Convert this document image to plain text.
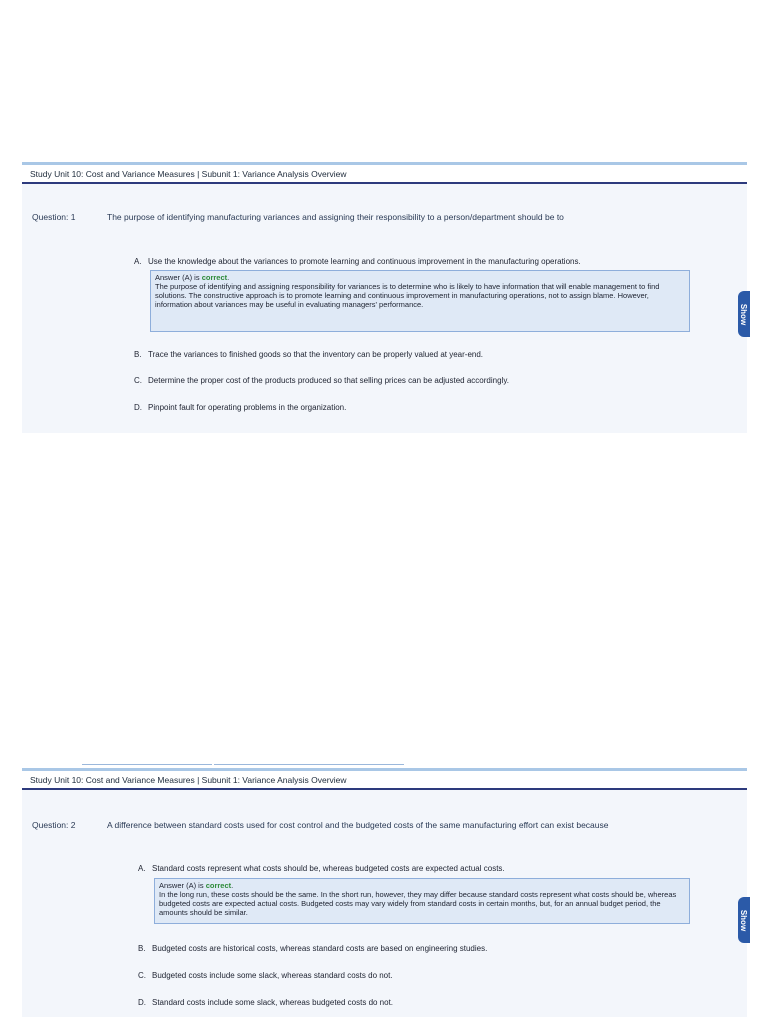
Study Unit 10: Cost and Variance Measures | Subunit 1: Variance Analysis Overview
Question: 1	The purpose of identifying manufacturing variances and assigning their responsibility to a person/department should be to
A. Use the knowledge about the variances to promote learning and continuous improvement in the manufacturing operations.
Answer (A) is correct.
The purpose of identifying and assigning responsibility for variances is to determine who is likely to have information that will enable management to find solutions. The constructive approach is to promote learning and continuous improvement in manufacturing operations, not to assign blame. However, information about variances may be useful in evaluating managers' performance.
B. Trace the variances to finished goods so that the inventory can be properly valued at year-end.
C. Determine the proper cost of the products produced so that selling prices can be adjusted accordingly.
D. Pinpoint fault for operating problems in the organization.
Show
Study Unit 10: Cost and Variance Measures | Subunit 1: Variance Analysis Overview
Question: 2	A difference between standard costs used for cost control and the budgeted costs of the same manufacturing effort can exist because
A. Standard costs represent what costs should be, whereas budgeted costs are expected actual costs.
Answer (A) is correct.
In the long run, these costs should be the same. In the short run, however, they may differ because standard costs represent what costs should be, whereas budgeted costs are expected actual costs. Budgeted costs may vary widely from standard costs in certain months, but, for an annual budget period, the amounts should be similar.
B. Budgeted costs are historical costs, whereas standard costs are based on engineering studies.
C. Budgeted costs include some slack, whereas standard costs do not.
D. Standard costs include some slack, whereas budgeted costs do not.
Show
